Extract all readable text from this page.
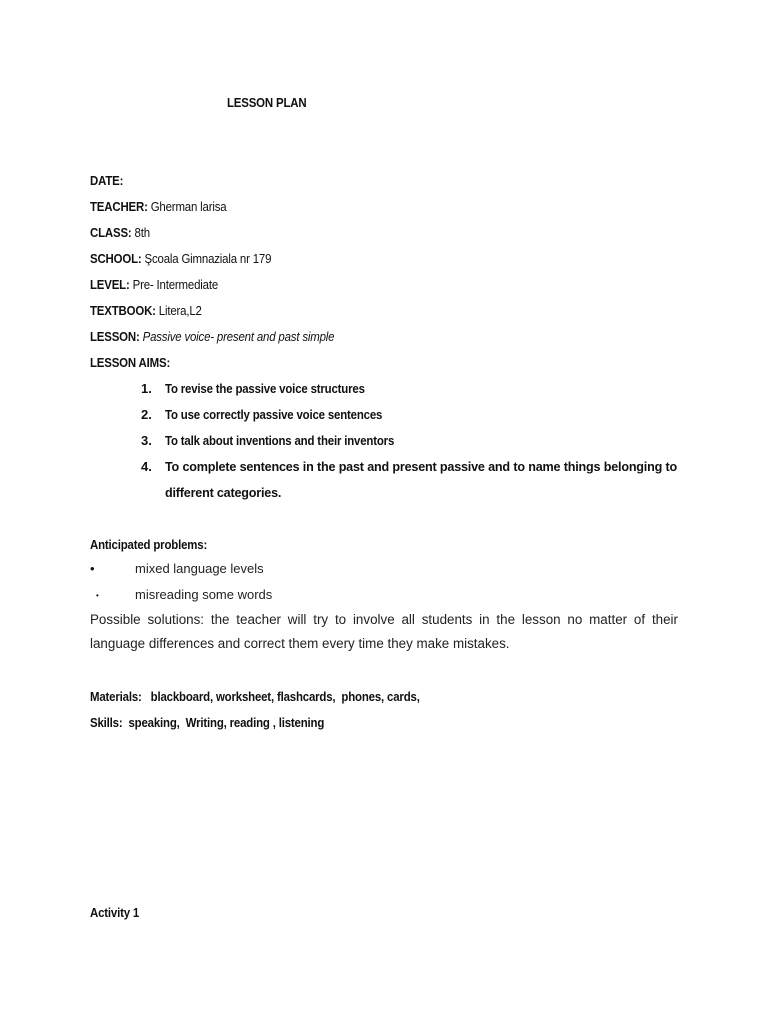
LESSON PLAN
DATE:
TEACHER: Gherman larisa
CLASS: 8th
SCHOOL: Şcoala Gimnaziala nr 179
LEVEL: Pre- Intermediate
TEXTBOOK: Litera,L2
LESSON: Passive voice- present and past simple
LESSON AIMS:
1. To revise the passive voice structures
2. To use correctly passive voice sentences
3. To talk about inventions and their inventors
4. To complete sentences in the past and present passive and to name things belonging to different categories.
Anticipated problems:
•	mixed language levels
•	misreading some words
Possible solutions: the teacher will try to involve all students in the lesson no matter of their language differences and correct them every time they make mistakes.
Materials:   blackboard, worksheet, flashcards,  phones, cards,
Skills:  speaking,  Writing, reading , listening
Activity 1
